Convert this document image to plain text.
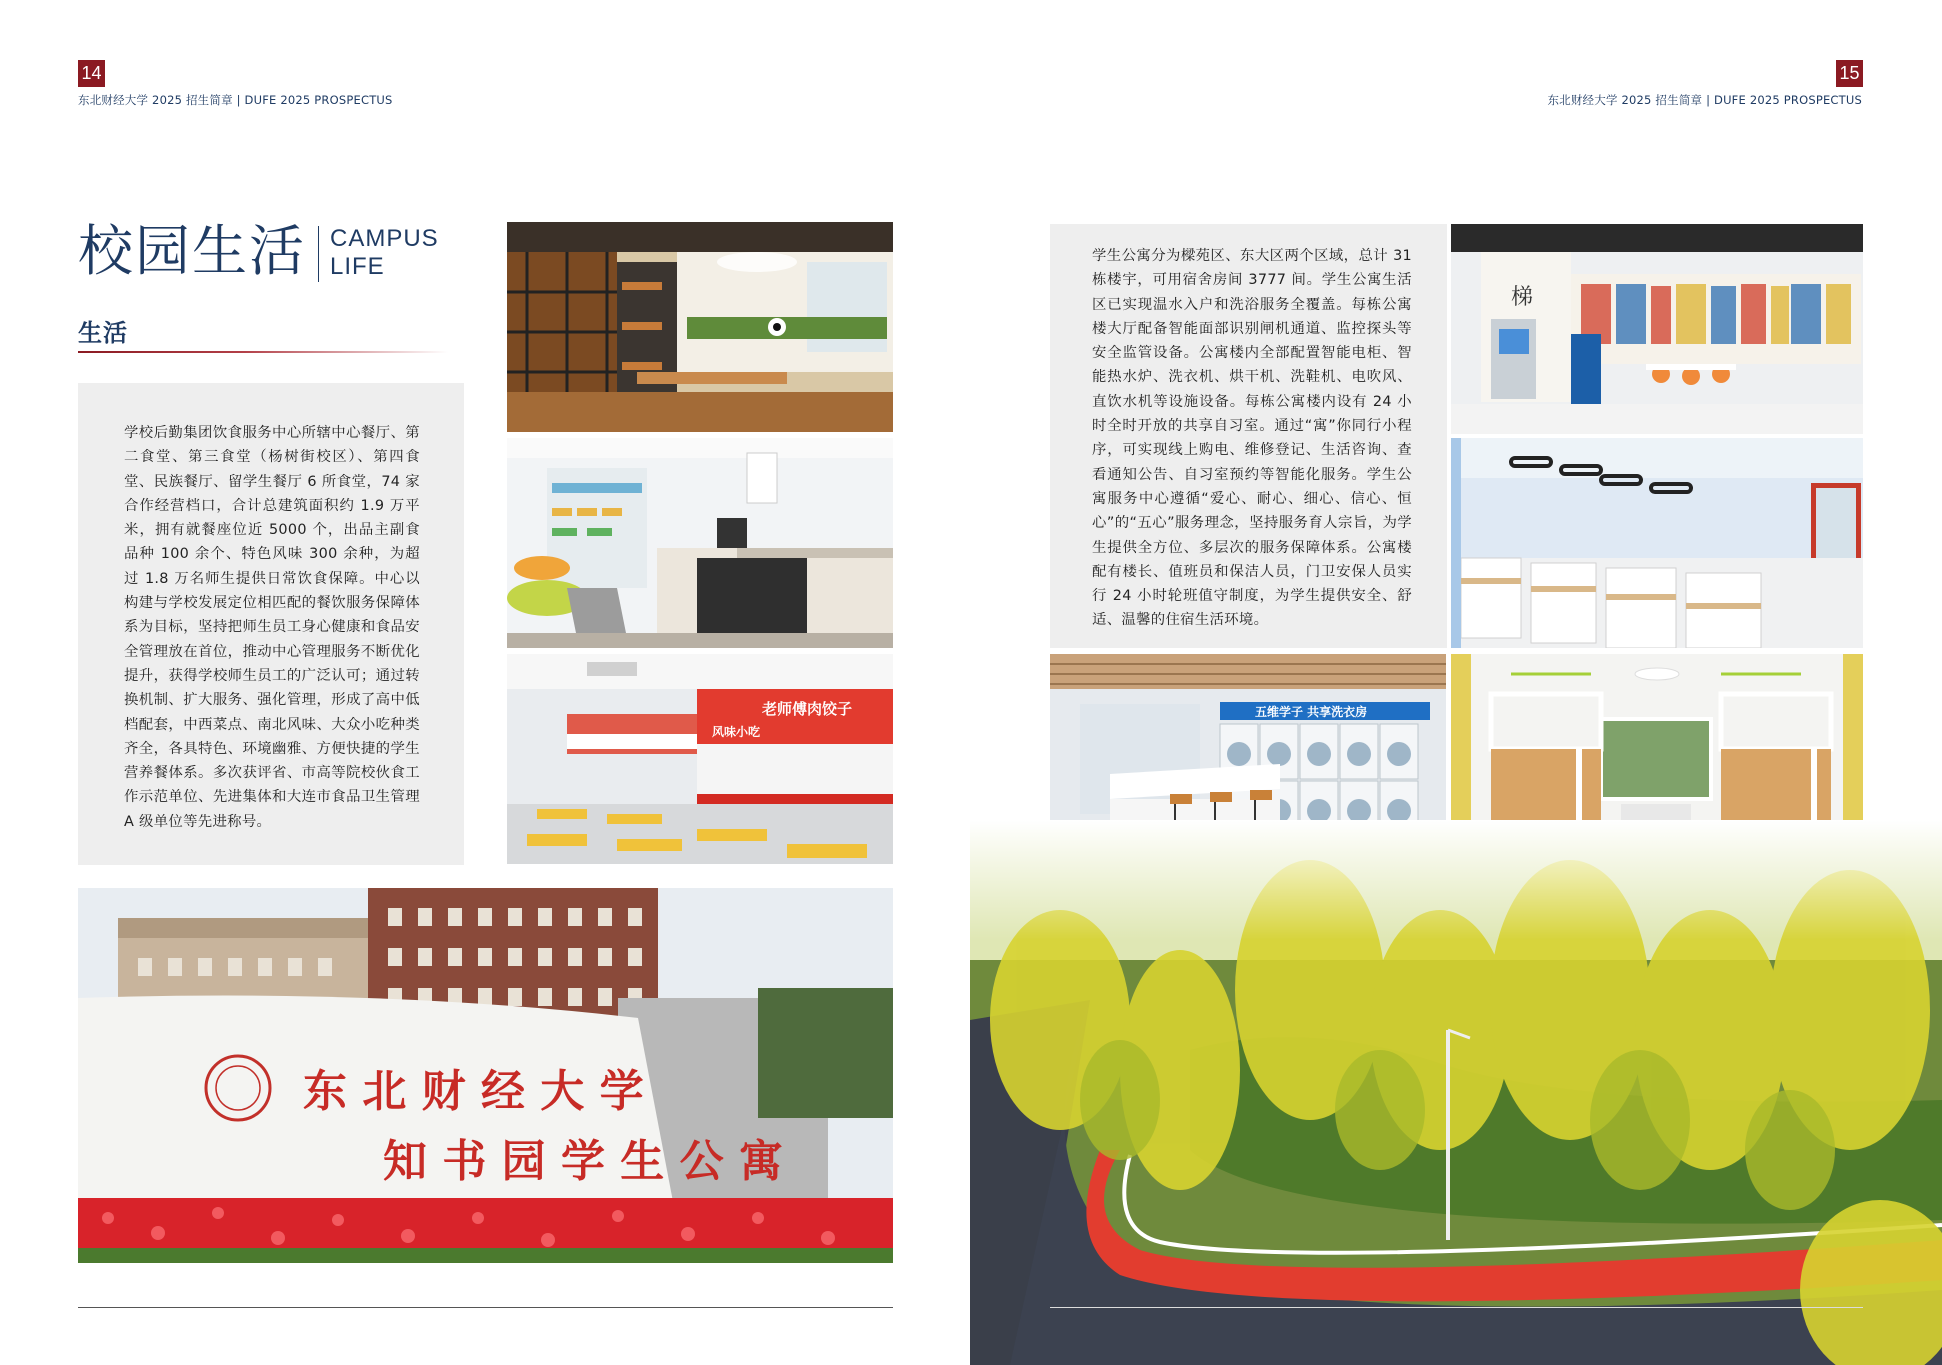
14
东北财经大学 2025 招生简章 | DUFE 2025 PROSPECTUS
校园生活 CAMPUS
LIFE
生活
学校后勤集团饮食服务中心所辖中心餐厅、第二食堂、第三食堂（杨树街校区）、第四食堂、民族餐厅、留学生餐厅 6 所食堂，74 家合作经营档口，合计总建筑面积约 1.9 万平米，拥有就餐座位近 5000 个，出品主副食品种 100 余个、特色风味 300 余种，为超过 1.8 万名师生提供日常饮食保障。中心以构建与学校发展定位相匹配的餐饮服务保障体系为目标，坚持把师生员工身心健康和食品安全管理放在首位，推动中心管理服务不断优化提升，获得学校师生员工的广泛认可；通过转换机制、扩大服务、强化管理，形成了高中低档配套，中西菜点、南北风味、大众小吃种类齐全，各具特色、环境幽雅、方便快捷的学生营养餐体系。多次获评省、市高等院校伙食工作示范单位、先进集体和大连市食品卫生管理 A 级单位等先进称号。
老师傅肉饺子
风味小吃
东 北 财 经 大 学
知 书 园 学 生 公 寓
15
东北财经大学 2025 招生简章 | DUFE 2025 PROSPECTUS
学生公寓分为樑苑区、东大区两个区域，总计 31 栋楼宇，可用宿舍房间 3777 间。学生公寓生活区已实现温水入户和洗浴服务全覆盖。每栋公寓楼大厅配备智能面部识别闸机通道、监控探头等安全监管设备。公寓楼内全部配置智能电柜、智能热水炉、洗衣机、烘干机、洗鞋机、电吹风、直饮水机等设施设备。每栋公寓楼内设有 24 小时全时开放的共享自习室。通过“寓”你同行小程序，可实现线上购电、维修登记、生活咨询、查看通知公告、自习室预约等智能化服务。学生公寓服务中心遵循“爱心、耐心、细心、信心、恒心”的“五心”服务理念，坚持服务育人宗旨，为学生提供全方位、多层次的服务保障体系。公寓楼配有楼长、值班员和保洁人员，门卫安保人员实行 24 小时轮班值守制度，为学生提供安全、舒适、温馨的住宿生活环境。
梯
五维学子 共享洗衣房
